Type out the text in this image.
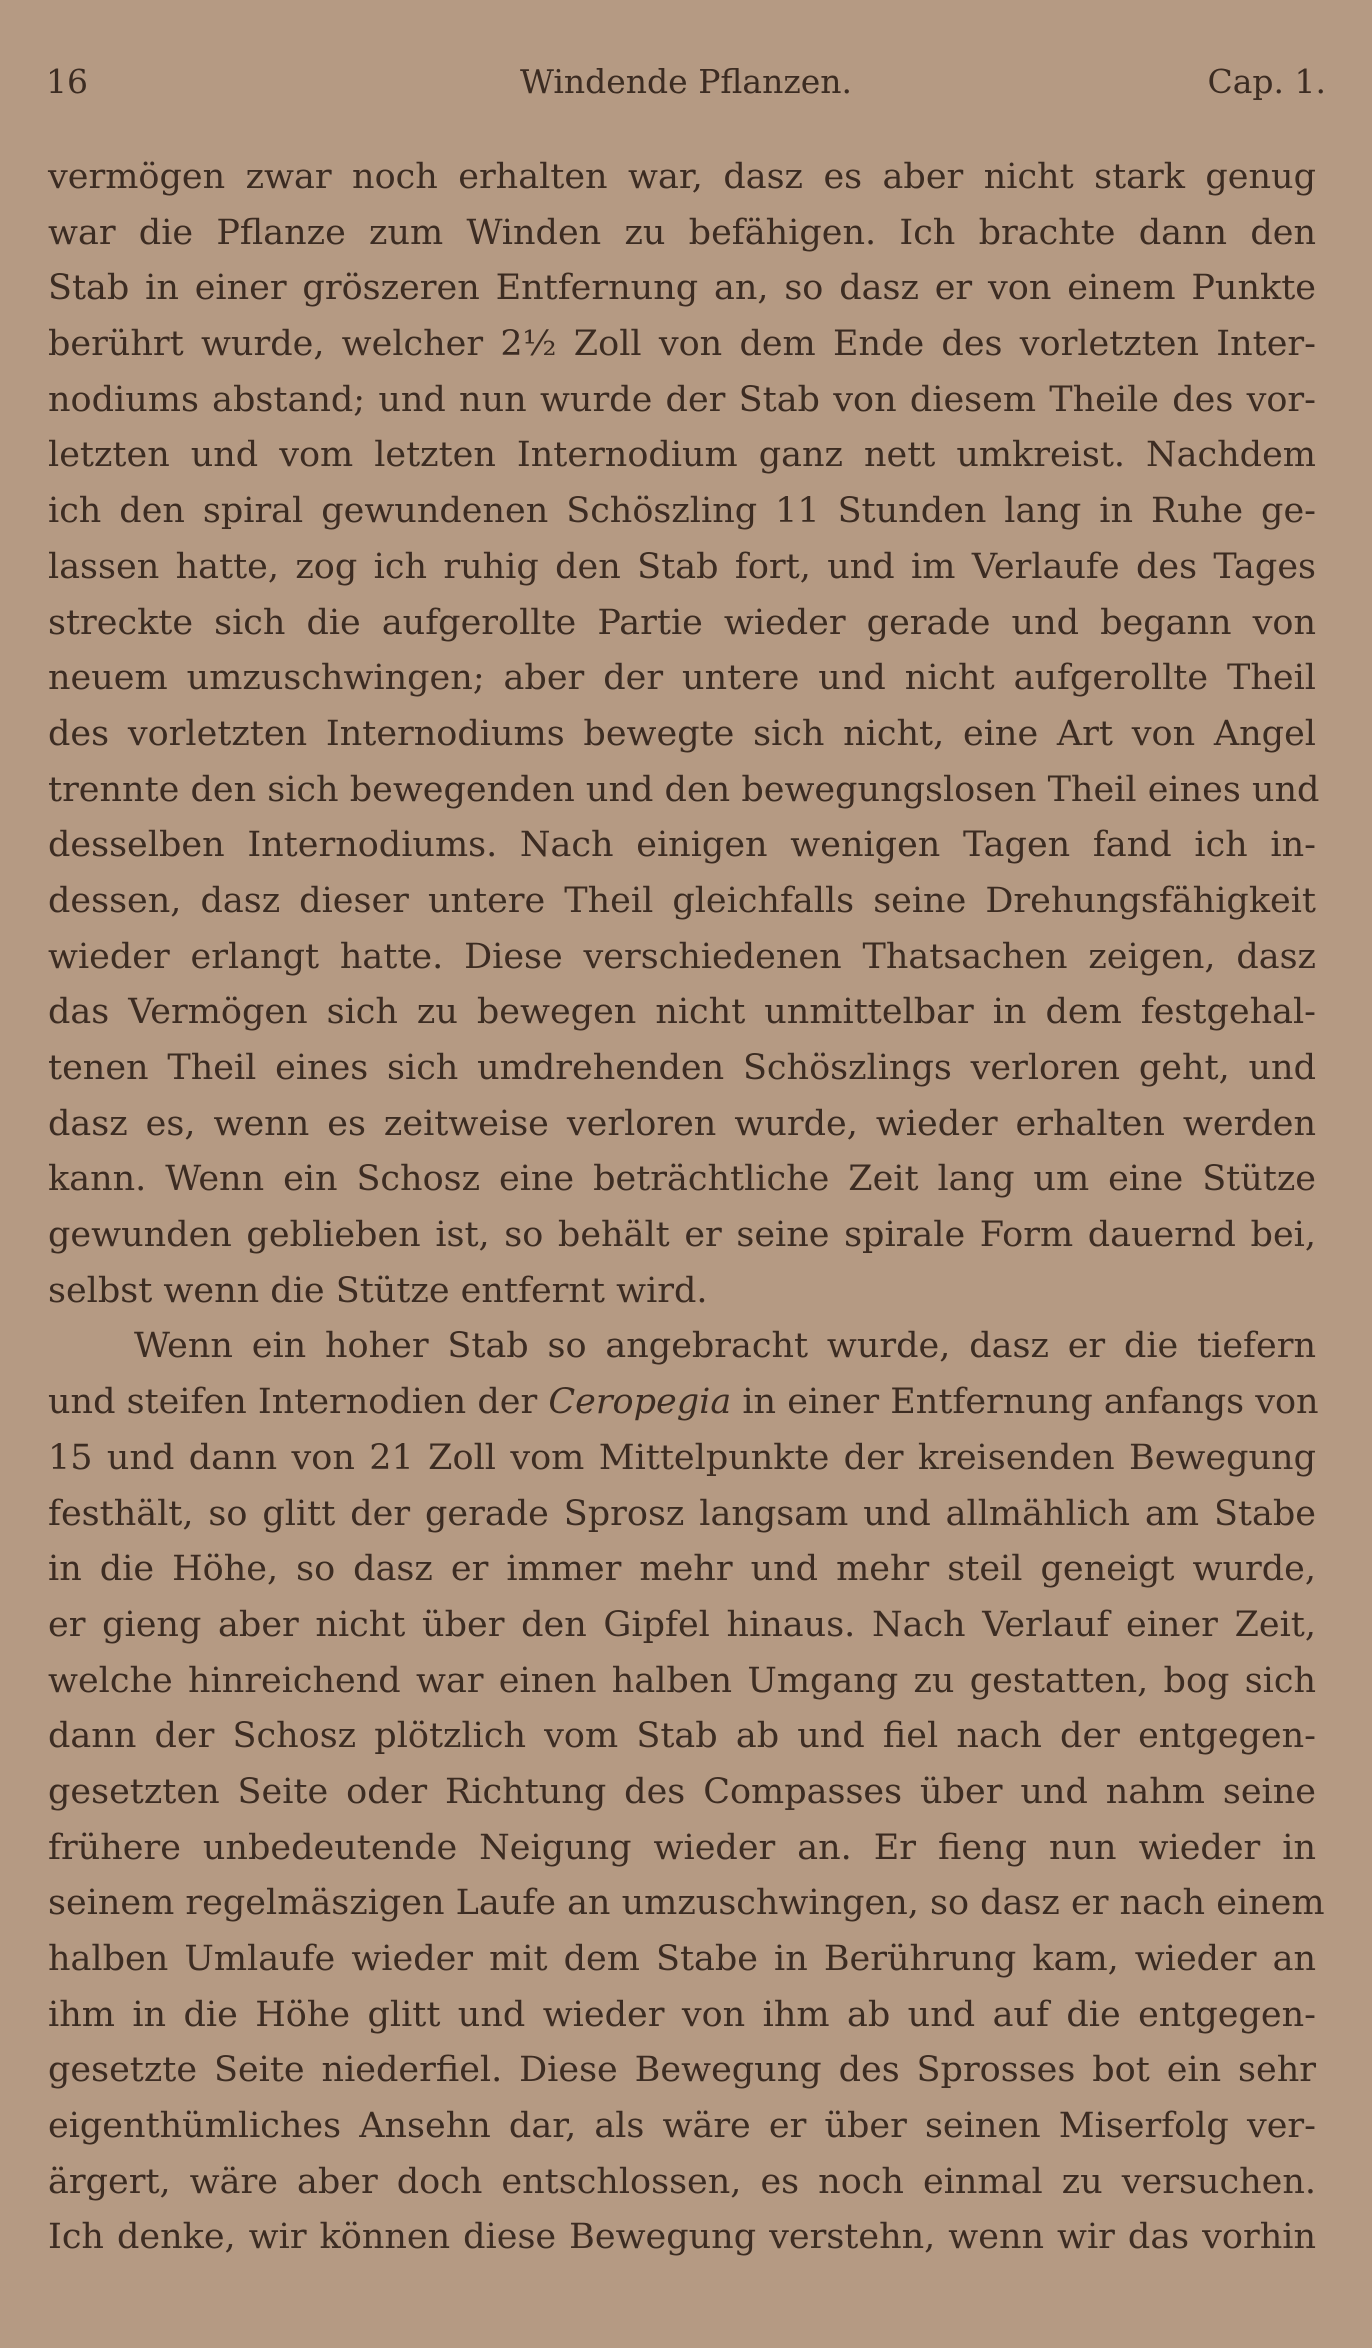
16	Windende Pflanzen.	Cap. 1.
vermögen zwar noch erhalten war, dasz es aber nicht stark genug
war die Pflanze zum Winden zu befähigen. Ich brachte dann den
Stab in einer gröszeren Entfernung an, so dasz er von einem Punkte
berührt wurde, welcher 2½ Zoll von dem Ende des vorletzten Inter-
nodiums abstand; und nun wurde der Stab von diesem Theile des vor-
letzten und vom letzten Internodium ganz nett umkreist. Nachdem
ich den spiral gewundenen Schöszling 11 Stunden lang in Ruhe ge-
lassen hatte, zog ich ruhig den Stab fort, und im Verlaufe des Tages
streckte sich die aufgerollte Partie wieder gerade und begann von
neuem umzuschwingen; aber der untere und nicht aufgerollte Theil
des vorletzten Internodiums bewegte sich nicht, eine Art von Angel
trennte den sich bewegenden und den bewegungslosen Theil eines und
desselben Internodiums. Nach einigen wenigen Tagen fand ich in-
dessen, dasz dieser untere Theil gleichfalls seine Drehungsfähigkeit
wieder erlangt hatte. Diese verschiedenen Thatsachen zeigen, dasz
das Vermögen sich zu bewegen nicht unmittelbar in dem festgehal-
tenen Theil eines sich umdrehenden Schöszlings verloren geht, und
dasz es, wenn es zeitweise verloren wurde, wieder erhalten werden
kann. Wenn ein Schosz eine beträchtliche Zeit lang um eine Stütze
gewunden geblieben ist, so behält er seine spirale Form dauernd bei,
selbst wenn die Stütze entfernt wird.
Wenn ein hoher Stab so angebracht wurde, dasz er die tiefern
und steifen Internodien der Ceropegia in einer Entfernung anfangs von
15 und dann von 21 Zoll vom Mittelpunkte der kreisenden Bewegung
festhält, so glitt der gerade Sprosz langsam und allmählich am Stabe
in die Höhe, so dasz er immer mehr und mehr steil geneigt wurde,
er gieng aber nicht über den Gipfel hinaus. Nach Verlauf einer Zeit,
welche hinreichend war einen halben Umgang zu gestatten, bog sich
dann der Schosz plötzlich vom Stab ab und fiel nach der entgegen-
gesetzten Seite oder Richtung des Compasses über und nahm seine
frühere unbedeutende Neigung wieder an. Er fieng nun wieder in
seinem regelmäszigen Laufe an umzuschwingen, so dasz er nach einem
halben Umlaufe wieder mit dem Stabe in Berührung kam, wieder an
ihm in die Höhe glitt und wieder von ihm ab und auf die entgegen-
gesetzte Seite niederfiel. Diese Bewegung des Sprosses bot ein sehr
eigenthümliches Ansehn dar, als wäre er über seinen Miserfolg ver-
ärgert, wäre aber doch entschlossen, es noch einmal zu versuchen.
Ich denke, wir können diese Bewegung verstehn, wenn wir das vorhin
